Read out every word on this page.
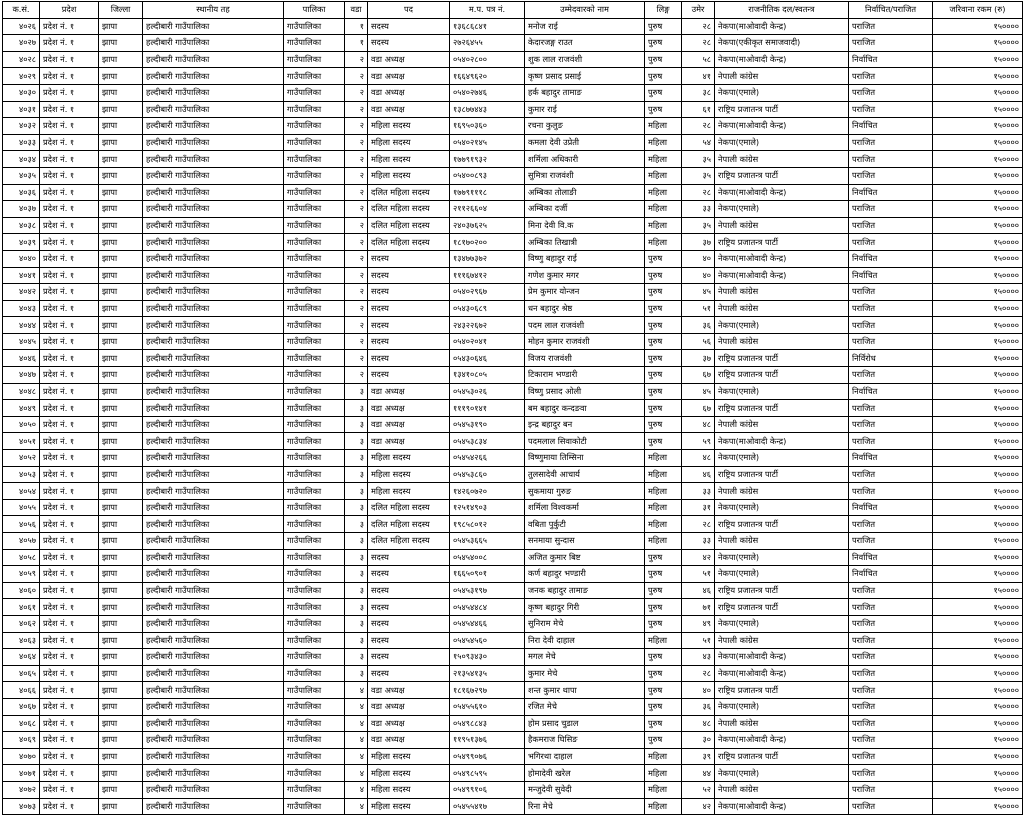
क.सं.	प्रदेश	जिल्ला	स्थानीय तह	पालिका	वडा	पद	म.प. पत्र नं.	उम्मेदवारको नाम	लिङ्ग	उमेर	राजनीतिक दल/स्वतन्त्र	निर्वाचित/पराजित	जरिवाना रकम (रु)
४०२६	प्रदेश नं. १	झापा	हल्दीबारी गाउँपालिका	गाउँपालिका	१	सदस्य	१३६८६८४१	मनोज राई	पुरुष	२८	नेकपा(माओवादी केन्द्र)	पराजित	१५००००
४०२७	प्रदेश नं. १	झापा	हल्दीबारी गाउँपालिका	गाउँपालिका	१	सदस्य	२७२६४५५	केदारजङ्ग राउत	पुरुष	२८	नेकपा(एकीकृत समाजवादी)	पराजित	१५००००
४०२८	प्रदेश नं. १	झापा	हल्दीबारी गाउँपालिका	गाउँपालिका	२	वडा अध्यक्ष	०५४०२८००	शुक लाल राजवंशी	पुरुष	५८	नेकपा(माओवादी केन्द्र)	निर्वाचित	१५००००
४०२९	प्रदेश नं. १	झापा	हल्दीबारी गाउँपालिका	गाउँपालिका	२	वडा अध्यक्ष	१६६४९६२०	कृष्ण प्रसाद प्रसाई	पुरुष	४१	नेपाली कांग्रेस	पराजित	१५००००
४०३०	प्रदेश नं. १	झापा	हल्दीबारी गाउँपालिका	गाउँपालिका	२	वडा अध्यक्ष	०५४०२७४६	हर्क बहादुर तामाङ	पुरुष	३८	नेकपा(एमाले)	पराजित	१५००००
४०३१	प्रदेश नं. १	झापा	हल्दीबारी गाउँपालिका	गाउँपालिका	२	वडा अध्यक्ष	१३८७७४४३	कुमार राई	पुरुष	६१	राष्ट्रिय प्रजातन्त्र पार्टी	पराजित	१५००००
४०३२	प्रदेश नं. १	झापा	हल्दीबारी गाउँपालिका	गाउँपालिका	२	महिला सदस्य	१६९५०३६०	रचना कुलुङ	महिला	२८	नेकपा(माओवादी केन्द्र)	निर्वाचित	१५००००
४०३३	प्रदेश नं. १	झापा	हल्दीबारी गाउँपालिका	गाउँपालिका	२	महिला सदस्य	०५४०२१४५	कमला देवी उप्रेती	महिला	५४	नेकपा(एमाले)	पराजित	१५००००
४०३४	प्रदेश नं. १	झापा	हल्दीबारी गाउँपालिका	गाउँपालिका	२	महिला सदस्य	१७७९१९३२	शर्मिला अधिकारी	महिला	३५	नेपाली कांग्रेस	पराजित	१५००००
४०३५	प्रदेश नं. १	झापा	हल्दीबारी गाउँपालिका	गाउँपालिका	२	महिला सदस्य	०५४००८९३	सुमित्रा राजवंशी	महिला	३५	राष्ट्रिय प्रजातन्त्र पार्टी	पराजित	१५००००
४०३६	प्रदेश नं. १	झापा	हल्दीबारी गाउँपालिका	गाउँपालिका	२	दलित महिला सदस्य	१७७९१११८	अम्बिका तोलाङी	महिला	२८	नेकपा(माओवादी केन्द्र)	निर्वाचित	१५००००
४०३७	प्रदेश नं. १	झापा	हल्दीबारी गाउँपालिका	गाउँपालिका	२	दलित महिला सदस्य	२११२६६०४	अम्बिका दर्जी	महिला	३३	नेकपा(एमाले)	पराजित	१५००००
४०३८	प्रदेश नं. १	झापा	हल्दीबारी गाउँपालिका	गाउँपालिका	२	दलित महिला सदस्य	२४०३७६२५	मिना देवी वि.क	महिला	३५	नेपाली कांग्रेस	पराजित	१५००००
४०३९	प्रदेश नं. १	झापा	हल्दीबारी गाउँपालिका	गाउँपालिका	२	दलित महिला सदस्य	१८१७०२००	अम्बिका तिखात्री	महिला	३७	राष्ट्रिय प्रजातन्त्र पार्टी	पराजित	१५००००
४०४०	प्रदेश नं. १	झापा	हल्दीबारी गाउँपालिका	गाउँपालिका	२	सदस्य	१३४७७३७२	विष्णु बहादुर राई	पुरुष	४०	नेकपा(माओवादी केन्द्र)	निर्वाचित	१५००००
४०४१	प्रदेश नं. १	झापा	हल्दीबारी गाउँपालिका	गाउँपालिका	२	सदस्य	१११६७४१२	गणेश कुमार मगर	पुरुष	४०	नेकपा(माओवादी केन्द्र)	निर्वाचित	१५००००
४०४२	प्रदेश नं. १	झापा	हल्दीबारी गाउँपालिका	गाउँपालिका	२	सदस्य	०५४०२९६७	प्रेम कुमार योन्जन	पुरुष	४५	नेपाली कांग्रेस	पराजित	१५००००
४०४३	प्रदेश नं. १	झापा	हल्दीबारी गाउँपालिका	गाउँपालिका	२	सदस्य	०५४३०६८९	धन बहादुर श्रेष्ठ	पुरुष	५१	नेपाली कांग्रेस	पराजित	१५००००
४०४४	प्रदेश नं. १	झापा	हल्दीबारी गाउँपालिका	गाउँपालिका	२	सदस्य	२४३२२६७२	पदम लाल राजवंशी	पुरुष	३६	नेकपा(एमाले)	पराजित	१५००००
४०४५	प्रदेश नं. १	झापा	हल्दीबारी गाउँपालिका	गाउँपालिका	२	सदस्य	०५४०२०४१	मोहन कुमार राजवंशी	पुरुष	५६	नेपाली कांग्रेस	पराजित	१५००००
४०४६	प्रदेश नं. १	झापा	हल्दीबारी गाउँपालिका	गाउँपालिका	२	सदस्य	०५४३०६४६	विजय राजवंशी	पुरुष	३७	राष्ट्रिय प्रजातन्त्र पार्टी	निर्विरोध	१५००००
४०४७	प्रदेश नं. १	झापा	हल्दीबारी गाउँपालिका	गाउँपालिका	२	सदस्य	१३४१०८०५	टिकाराम भण्डारी	पुरुष	६७	राष्ट्रिय प्रजातन्त्र पार्टी	पराजित	१५००००
४०४८	प्रदेश नं. १	झापा	हल्दीबारी गाउँपालिका	गाउँपालिका	३	वडा अध्यक्ष	०५४५३०२६	विष्णु प्रसाद ओली	पुरुष	४५	नेकपा(एमाले)	निर्वाचित	१५००००
४०४९	प्रदेश नं. १	झापा	हल्दीबारी गाउँपालिका	गाउँपालिका	३	वडा अध्यक्ष	१११९०१४१	बम बहादुर कन्दङवा	पुरुष	६७	राष्ट्रिय प्रजातन्त्र पार्टी	पराजित	१५००००
४०५०	प्रदेश नं. १	झापा	हल्दीबारी गाउँपालिका	गाउँपालिका	३	वडा अध्यक्ष	०५४५३१९०	इन्द्र बहादुर बन	पुरुष	४८	नेपाली कांग्रेस	पराजित	१५००००
४०५१	प्रदेश नं. १	झापा	हल्दीबारी गाउँपालिका	गाउँपालिका	३	वडा अध्यक्ष	०५४५३८३४	पदमलाल सिवाकोटी	पुरुष	५९	नेकपा(माओवादी केन्द्र)	पराजित	१५००००
४०५२	प्रदेश नं. १	झापा	हल्दीबारी गाउँपालिका	गाउँपालिका	३	महिला सदस्य	०५४५४२६६	विष्णुमाया तिम्सिना	महिला	४८	नेकपा(एमाले)	निर्वाचित	१५००००
४०५३	प्रदेश नं. १	झापा	हल्दीबारी गाउँपालिका	गाउँपालिका	३	महिला सदस्य	०५४५३८६०	तुलसादेवी आचार्य	महिला	४६	राष्ट्रिय प्रजातन्त्र पार्टी	पराजित	१५००००
४०५४	प्रदेश नं. १	झापा	हल्दीबारी गाउँपालिका	गाउँपालिका	३	महिला सदस्य	१४२६०७२०	सुकमाया गुरुङ	महिला	३३	नेपाली कांग्रेस	पराजित	१५००००
४०५५	प्रदेश नं. १	झापा	हल्दीबारी गाउँपालिका	गाउँपालिका	३	दलित महिला सदस्य	१२५१४९०३	शर्मिला विश्वकर्मा	महिला	३१	नेकपा(एमाले)	निर्वाचित	१५००००
४०५६	प्रदेश नं. १	झापा	हल्दीबारी गाउँपालिका	गाउँपालिका	३	दलित महिला सदस्य	१९८५८०१२	वबिता पुर्कुटी	महिला	२८	राष्ट्रिय प्रजातन्त्र पार्टी	पराजित	१५००००
४०५७	प्रदेश नं. १	झापा	हल्दीबारी गाउँपालिका	गाउँपालिका	३	दलित महिला सदस्य	०५४५३६६५	सनमाया सुन्दास	महिला	३३	नेपाली कांग्रेस	पराजित	१५००००
४०५८	प्रदेश नं. १	झापा	हल्दीबारी गाउँपालिका	गाउँपालिका	३	सदस्य	०५४५४००८	अजित कुमार बिष्ट	पुरुष	४२	नेकपा(एमाले)	निर्वाचित	१५००००
४०५९	प्रदेश नं. १	झापा	हल्दीबारी गाउँपालिका	गाउँपालिका	३	सदस्य	१६६५०९०१	कर्ण बहादुर भण्डारी	पुरुष	५१	नेकपा(एमाले)	निर्वाचित	१५००००
४०६०	प्रदेश नं. १	झापा	हल्दीबारी गाउँपालिका	गाउँपालिका	३	सदस्य	०५४५३१९७	जनक बहादुर तामाङ	पुरुष	४६	राष्ट्रिय प्रजातन्त्र पार्टी	पराजित	१५००००
४०६१	प्रदेश नं. १	झापा	हल्दीबारी गाउँपालिका	गाउँपालिका	३	सदस्य	०५४५४४८४	कृष्ण बहादुर गिरी	पुरुष	७१	राष्ट्रिय प्रजातन्त्र पार्टी	पराजित	१५००००
४०६२	प्रदेश नं. १	झापा	हल्दीबारी गाउँपालिका	गाउँपालिका	३	सदस्य	०५४५४४६६	सुनिराम मेचे	पुरुष	४९	नेकपा(एमाले)	पराजित	१५००००
४०६३	प्रदेश नं. १	झापा	हल्दीबारी गाउँपालिका	गाउँपालिका	३	सदस्य	०५४५४५६०	निरा देवी दाहाल	महिला	५१	नेपाली कांग्रेस	पराजित	१५००००
४०६४	प्रदेश नं. १	झापा	हल्दीबारी गाउँपालिका	गाउँपालिका	३	सदस्य	१५०९३४३०	मगल मेचे	पुरुष	४३	नेकपा(माओवादी केन्द्र)	पराजित	१५००००
४०६५	प्रदेश नं. १	झापा	हल्दीबारी गाउँपालिका	गाउँपालिका	३	सदस्य	२१३५४१३५	कुमार मेचे	पुरुष	२८	नेकपा(माओवादी केन्द्र)	पराजित	१५००००
४०६६	प्रदेश नं. १	झापा	हल्दीबारी गाउँपालिका	गाउँपालिका	४	वडा अध्यक्ष	१८१६७२९७	शन्त कुमार थापा	पुरुष	४०	राष्ट्रिय प्रजातन्त्र पार्टी	पराजित	१५००००
४०६७	प्रदेश नं. १	झापा	हल्दीबारी गाउँपालिका	गाउँपालिका	४	वडा अध्यक्ष	०५४५५६१०	रजित मेचे	पुरुष	३६	नेकपा(एमाले)	पराजित	१५००००
४०६८	प्रदेश नं. १	झापा	हल्दीबारी गाउँपालिका	गाउँपालिका	४	वडा अध्यक्ष	०५४९८८४३	होम प्रसाद चुडाल	पुरुष	४८	नेपाली कांग्रेस	पराजित	१५००००
४०६९	प्रदेश नं. १	झापा	हल्दीबारी गाउँपालिका	गाउँपालिका	४	वडा अध्यक्ष	११९५१३७६	हैकमराज घिसिङ	पुरुष	३०	नेकपा(माओवादी केन्द्र)	पराजित	१५००००
४०७०	प्रदेश नं. १	झापा	हल्दीबारी गाउँपालिका	गाउँपालिका	४	महिला सदस्य	०५४९९०७६	भगिरथा दाहाल	महिला	३९	राष्ट्रिय प्रजातन्त्र पार्टी	पराजित	१५००००
४०७१	प्रदेश नं. १	झापा	हल्दीबारी गाउँपालिका	गाउँपालिका	४	महिला सदस्य	०५४९८५९५	होमादेवी खरेल	महिला	४४	नेकपा(एमाले)	पराजित	१५००००
४०७२	प्रदेश नं. १	झापा	हल्दीबारी गाउँपालिका	गाउँपालिका	४	महिला सदस्य	०५४९९१०६	मन्जुदेवी सुवेदी	महिला	५२	नेपाली कांग्रेस	पराजित	१५००००
४०७३	प्रदेश नं. १	झापा	हल्दीबारी गाउँपालिका	गाउँपालिका	४	महिला सदस्य	०५४५५४१७	रिना मेचे	महिला	४२	नेकपा(माओवादी केन्द्र)	पराजित	१५००००
